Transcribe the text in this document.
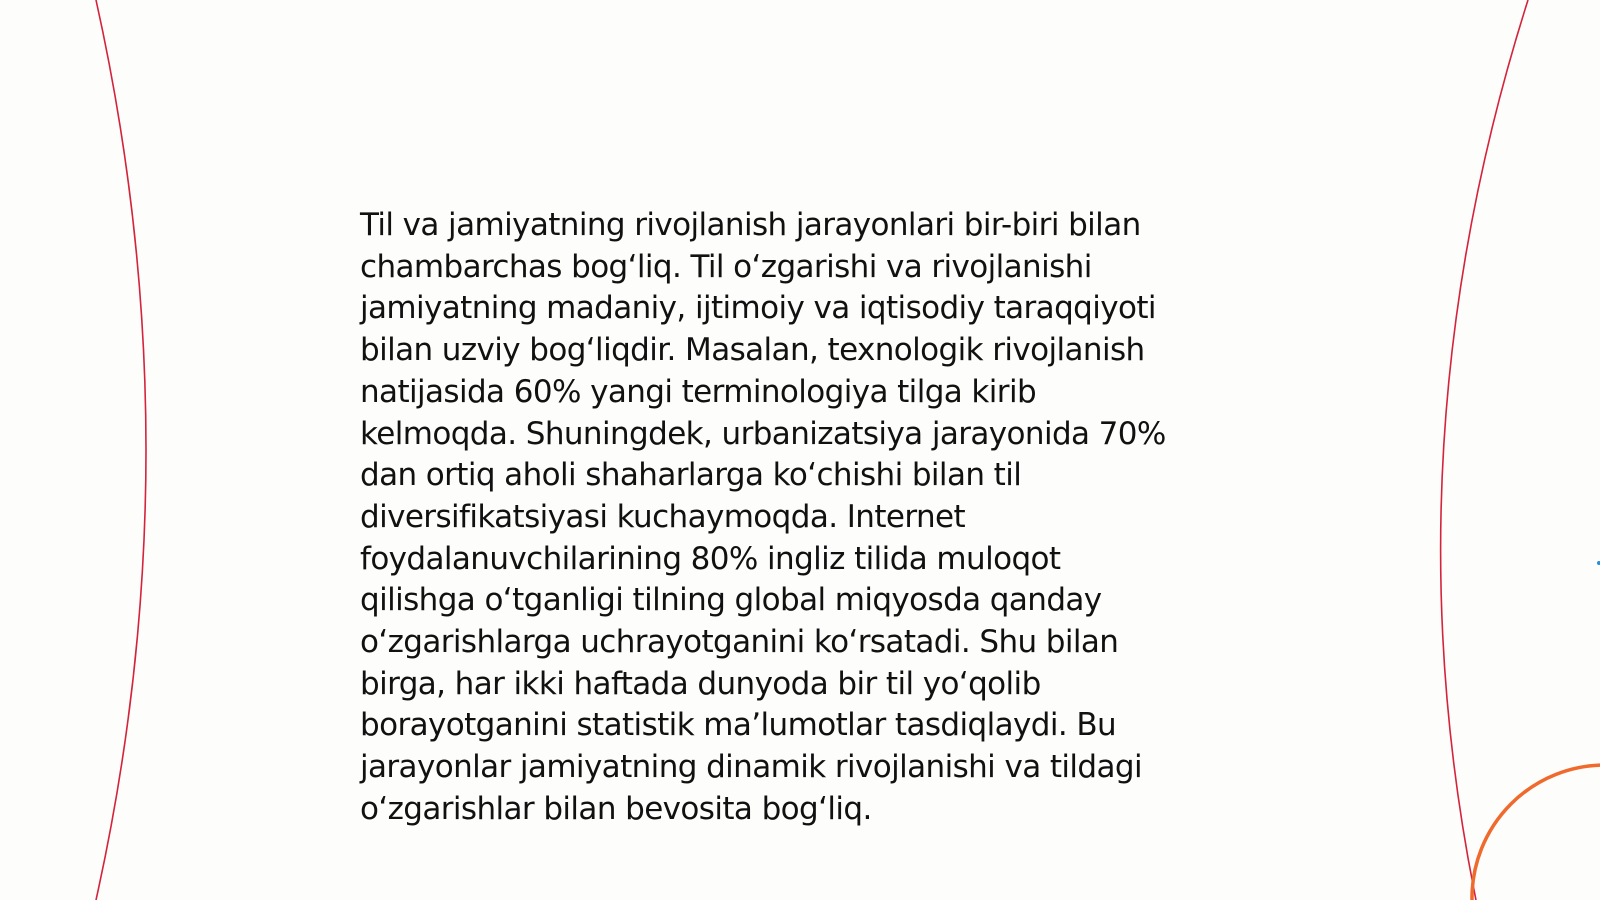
Til va jamiyatning rivojlanish jarayonlari bir-biri bilan
chambarchas bog‘liq. Til o‘zgarishi va rivojlanishi
jamiyatning madaniy, ijtimoiy va iqtisodiy taraqqiyoti
bilan uzviy bog‘liqdir. Masalan, texnologik rivojlanish
natijasida 60% yangi terminologiya tilga kirib
kelmoqda. Shuningdek, urbanizatsiya jarayonida 70%
dan ortiq aholi shaharlarga ko‘chishi bilan til
diversifikatsiyasi kuchaymoqda. Internet
foydalanuvchilarining 80% ingliz tilida muloqot
qilishga o‘tganligi tilning global miqyosda qanday
o‘zgarishlarga uchrayotganini ko‘rsatadi. Shu bilan
birga, har ikki haftada dunyoda bir til yo‘qolib
borayotganini statistik ma’lumotlar tasdiqlaydi. Bu
jarayonlar jamiyatning dinamik rivojlanishi va tildagi
o‘zgarishlar bilan bevosita bog‘liq.
